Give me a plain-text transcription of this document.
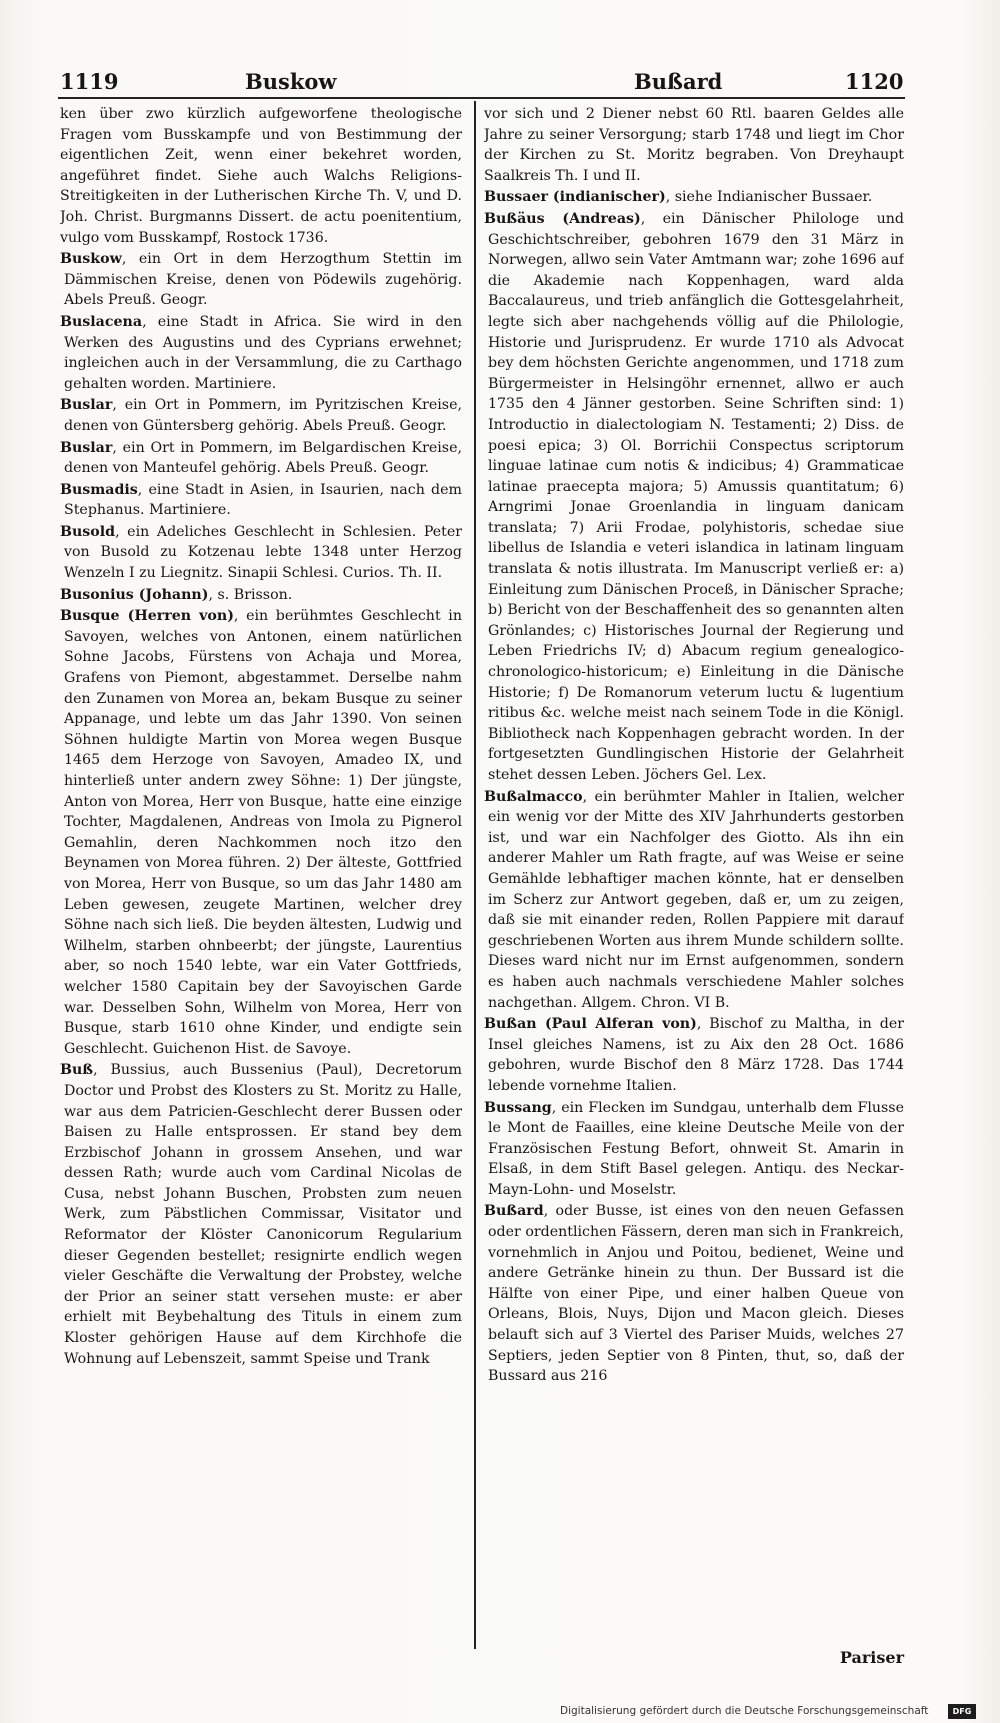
1119	Buskow	Bußard	1120

ken über zwo kürzlich aufgeworfene theologische Fragen vom Busskampfe und von Bestimmung der eigentlichen Zeit, wenn einer bekehret worden, angeführet findet. Siehe auch Walchs Religions-Streitigkeiten in der Lutherischen Kirche Th. V, und D. Joh. Christ. Burgmanns Dissert. de actu poenitentium, vulgo vom Busskampf, Rostock 1736.

Buskow, ein Ort in dem Herzogthum Stettin im Dämmischen Kreise, denen von Pödewils zugehörig. Abels Preuß. Geogr.

Buslacena, eine Stadt in Africa. Sie wird in den Werken des Augustins und des Cyprians erwehnet; ingleichen auch in der Versammlung, die zu Carthago gehalten worden. Martiniere.

Buslar, ein Ort in Pommern, im Pyritzischen Kreise, denen von Güntersberg gehörig. Abels Preuß. Geogr.

Buslar, ein Ort in Pommern, im Belgardischen Kreise, denen von Manteufel gehörig. Abels Preuß. Geogr.

Busmadis, eine Stadt in Asien, in Isaurien, nach dem Stephanus. Martiniere.

Busold, ein Adeliches Geschlecht in Schlesien. Peter von Busold zu Kotzenau lebte 1348 unter Herzog Wenzeln I zu Liegnitz. Sinapii Schlesi. Curios. Th. II.

Busonius (Johann), s. Brisson.

Busque (Herren von), ein berühmtes Geschlecht in Savoyen, welches von Antonen, einem natürlichen Sohne Jacobs, Fürstens von Achaja und Morea, Grafens von Piemont, abgestammet. Derselbe nahm den Zunamen von Morea an, bekam Busque zu seiner Appanage, und lebte um das Jahr 1390. Von seinen Söhnen huldigte Martin von Morea wegen Busque 1465 dem Herzoge von Savoyen, Amadeo IX, und hinterließ unter andern zwey Söhne: 1) Der jüngste, Anton von Morea, Herr von Busque, hatte eine einzige Tochter, Magdalenen, Andreas von Imola zu Pignerol Gemahlin, deren Nachkommen noch itzo den Beynamen von Morea führen. 2) Der älteste, Gottfried von Morea, Herr von Busque, so um das Jahr 1480 am Leben gewesen, zeugete Martinen, welcher drey Söhne nach sich ließ. Die beyden ältesten, Ludwig und Wilhelm, starben ohnbeerbt; der jüngste, Laurentius aber, so noch 1540 lebte, war ein Vater Gottfrieds, welcher 1580 Capitain bey der Savoyischen Garde war. Desselben Sohn, Wilhelm von Morea, Herr von Busque, starb 1610 ohne Kinder, und endigte sein Geschlecht. Guichenon Hist. de Savoye.

Buß, Bussius, auch Bussenius (Paul), Decretorum Doctor und Probst des Klosters zu St. Moritz zu Halle, war aus dem Patricien-Geschlecht derer Bussen oder Baisen zu Halle entsprossen. Er stand bey dem Erzbischof Johann in grossem Ansehen, und war dessen Rath; wurde auch vom Cardinal Nicolas de Cusa, nebst Johann Buschen, Probsten zum neuen Werk, zum Päbstlichen Commissar, Visitator und Reformator der Klöster Canonicorum Regularium dieser Gegenden bestellet; resignirte endlich wegen vieler Geschäfte die Verwaltung der Probstey, welche der Prior an seiner statt versehen muste: er aber erhielt mit Beybehaltung des Tituls in einem zum Kloster gehörigen Hause auf dem Kirchhofe die Wohnung auf Lebenszeit, sammt Speise und Trank

vor sich und 2 Diener nebst 60 Rtl. baaren Geldes alle Jahre zu seiner Versorgung; starb 1748 und liegt im Chor der Kirchen zu St. Moritz begraben. Von Dreyhaupt Saalkreis Th. I und II.

Bussaer (indianischer), siehe Indianischer Bussaer.

Bußäus (Andreas), ein Dänischer Philologe und Geschichtschreiber, gebohren 1679 den 31 März in Norwegen, allwo sein Vater Amtmann war; zohe 1696 auf die Akademie nach Koppenhagen, ward alda Baccalaureus, und trieb anfänglich die Gottesgelahrheit, legte sich aber nachgehends völlig auf die Philologie, Historie und Jurisprudenz. Er wurde 1710 als Advocat bey dem höchsten Gerichte angenommen, und 1718 zum Bürgermeister in Helsingöhr ernennet, allwo er auch 1735 den 4 Jänner gestorben. Seine Schriften sind: 1) Introductio in dialectologiam N. Testamenti; 2) Diss. de poesi epica; 3) Ol. Borrichii Conspectus scriptorum linguae latinae cum notis & indicibus; 4) Grammaticae latinae praecepta majora; 5) Amussis quantitatum; 6) Arngrimi Jonae Groenlandia in linguam danicam translata; 7) Arii Frodae, polyhistoris, schedae siue libellus de Islandia e veteri islandica in latinam linguam translata & notis illustrata. Im Manuscript verließ er: a) Einleitung zum Dänischen Proceß, in Dänischer Sprache; b) Bericht von der Beschaffenheit des so genannten alten Grönlandes; c) Historisches Journal der Regierung und Leben Friedrichs IV; d) Abacum regium genealogico-chronologico-historicum; e) Einleitung in die Dänische Historie; f) De Romanorum veterum luctu & lugentium ritibus &c. welche meist nach seinem Tode in die Königl. Bibliotheck nach Koppenhagen gebracht worden. In der fortgesetzten Gundlingischen Historie der Gelahrheit stehet dessen Leben. Jöchers Gel. Lex.

Bußalmacco, ein berühmter Mahler in Italien, welcher ein wenig vor der Mitte des XIV Jahrhunderts gestorben ist, und war ein Nachfolger des Giotto. Als ihn ein anderer Mahler um Rath fragte, auf was Weise er seine Gemählde lebhaftiger machen könnte, hat er denselben im Scherz zur Antwort gegeben, daß er, um zu zeigen, daß sie mit einander reden, Rollen Pappiere mit darauf geschriebenen Worten aus ihrem Munde schildern sollte. Dieses ward nicht nur im Ernst aufgenommen, sondern es haben auch nachmals verschiedene Mahler solches nachgethan. Allgem. Chron. VI B.

Bußan (Paul Alferan von), Bischof zu Maltha, in der Insel gleiches Namens, ist zu Aix den 28 Oct. 1686 gebohren, wurde Bischof den 8 März 1728. Das 1744 lebende vornehme Italien.

Bussang, ein Flecken im Sundgau, unterhalb dem Flusse le Mont de Faailles, eine kleine Deutsche Meile von der Französischen Festung Befort, ohnweit St. Amarin in Elsaß, in dem Stift Basel gelegen. Antiqu. des Neckar-Mayn-Lohn- und Moselstr.

Bußard, oder Busse, ist eines von den neuen Gefassen oder ordentlichen Fässern, deren man sich in Frankreich, vornehmlich in Anjou und Poitou, bedienet, Weine und andere Getränke hinein zu thun. Der Bussard ist die Hälfte von einer Pipe, und einer halben Queue von Orleans, Blois, Nuys, Dijon und Macon gleich. Dieses belauft sich auf 3 Viertel des Pariser Muids, welches 27 Septiers, jeden Septier von 8 Pinten, thut, so, daß der Bussard aus 216

Pariser
Digitalisierung gefördert durch die Deutsche Forschungsgemeinschaft	DFG
